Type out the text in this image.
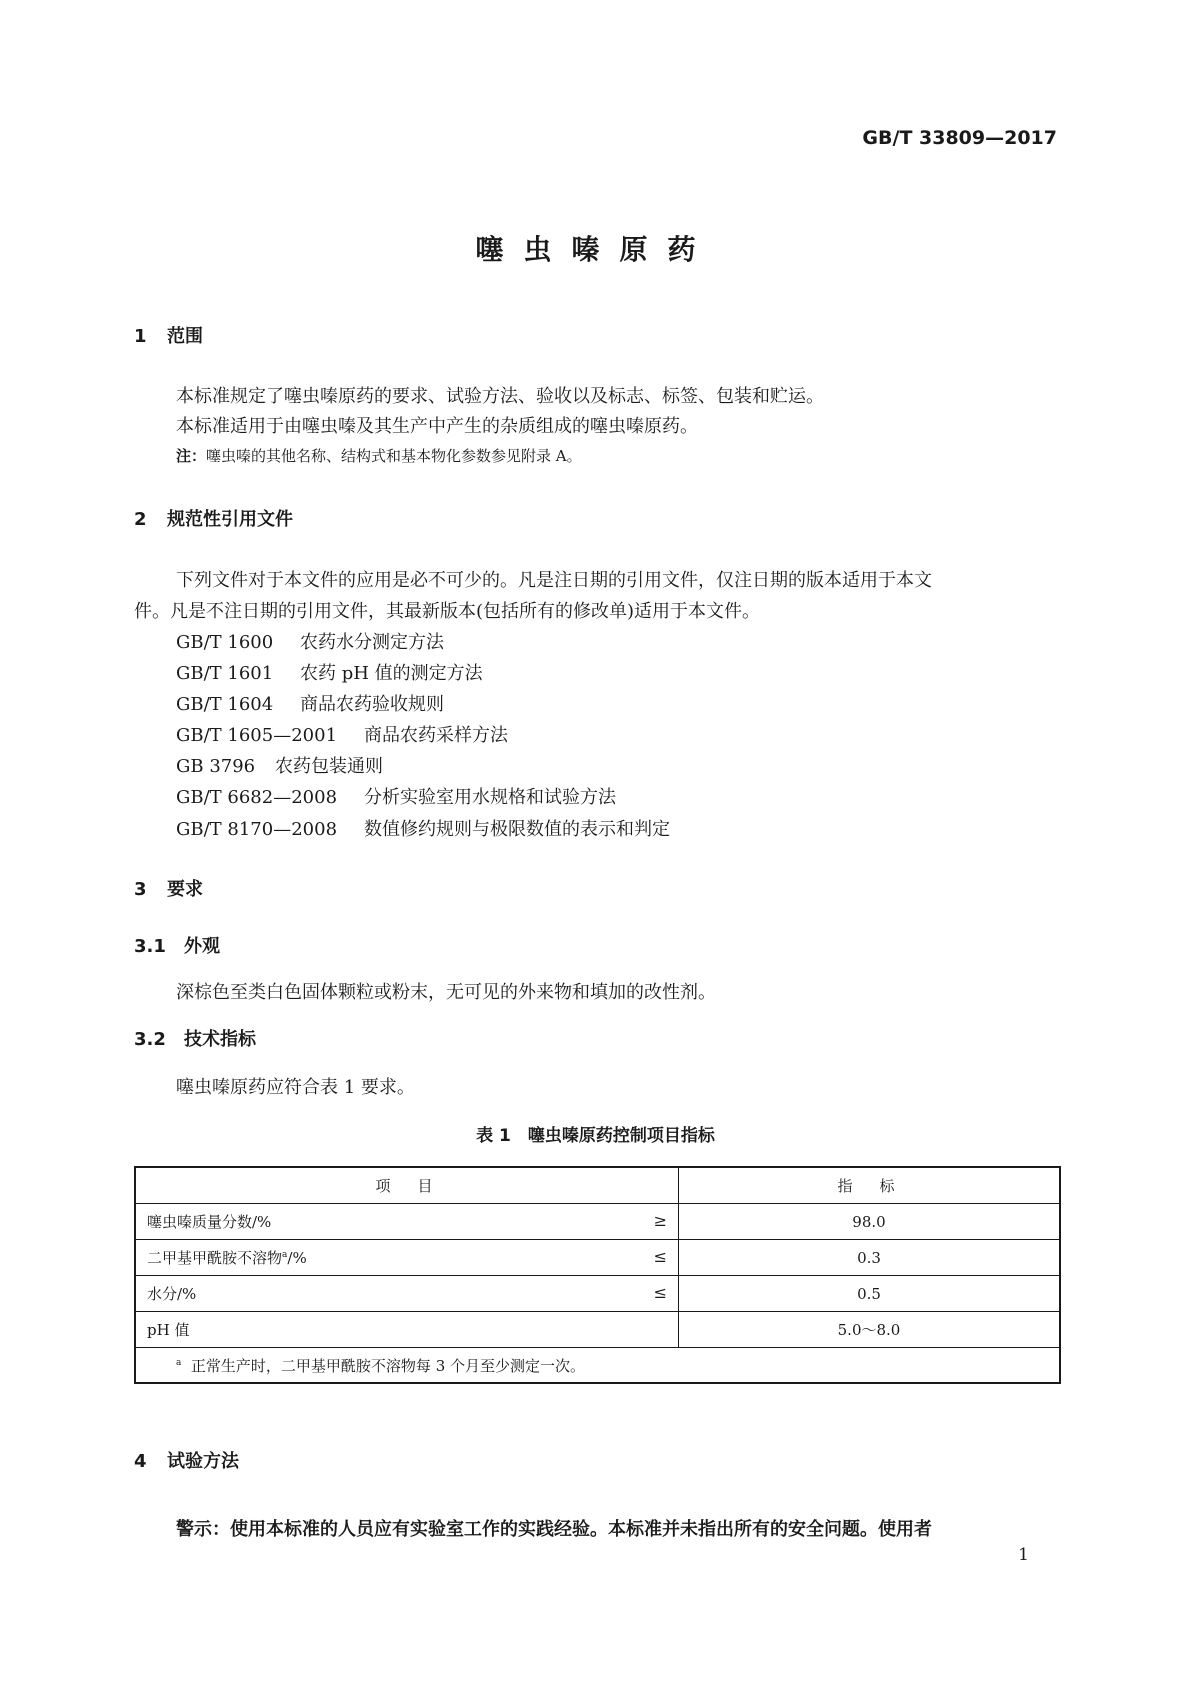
GB/T 33809—2017
噻虫嗪原药
1 范围
本标准规定了噻虫嗪原药的要求、试验方法、验收以及标志、标签、包装和贮运。
本标准适用于由噻虫嗪及其生产中产生的杂质组成的噻虫嗪原药。
注：噻虫嗪的其他名称、结构式和基本物化参数参见附录 A。
2 规范性引用文件
下列文件对于本文件的应用是必不可少的。凡是注日期的引用文件，仅注日期的版本适用于本文
件。凡是不注日期的引用文件，其最新版本(包括所有的修改单)适用于本文件。
GB/T 1600 农药水分测定方法
GB/T 1601 农药 pH 值的测定方法
GB/T 1604 商品农药验收规则
GB/T 1605—2001 商品农药采样方法
GB 3796 农药包装通则
GB/T 6682—2008 分析实验室用水规格和试验方法
GB/T 8170—2008 数值修约规则与极限数值的表示和判定
3 要求
3.1 外观
深棕色至类白色固体颗粒或粉末，无可见的外来物和填加的改性剂。
3.2 技术指标
噻虫嗪原药应符合表 1 要求。
表 1　噻虫嗪原药控制项目指标
项　目	指　标
噻虫嗪质量分数/% ≥	98.0
二甲基甲酰胺不溶物$^a$/% ≤	0.3
水分/% ≤	0.5
pH 值	5.0～8.0
$^a$ 正常生产时，二甲基甲酰胺不溶物每 3 个月至少测定一次。	
4 试验方法
警示：使用本标准的人员应有实验室工作的实践经验。本标准并未指出所有的安全问题。使用者
1
